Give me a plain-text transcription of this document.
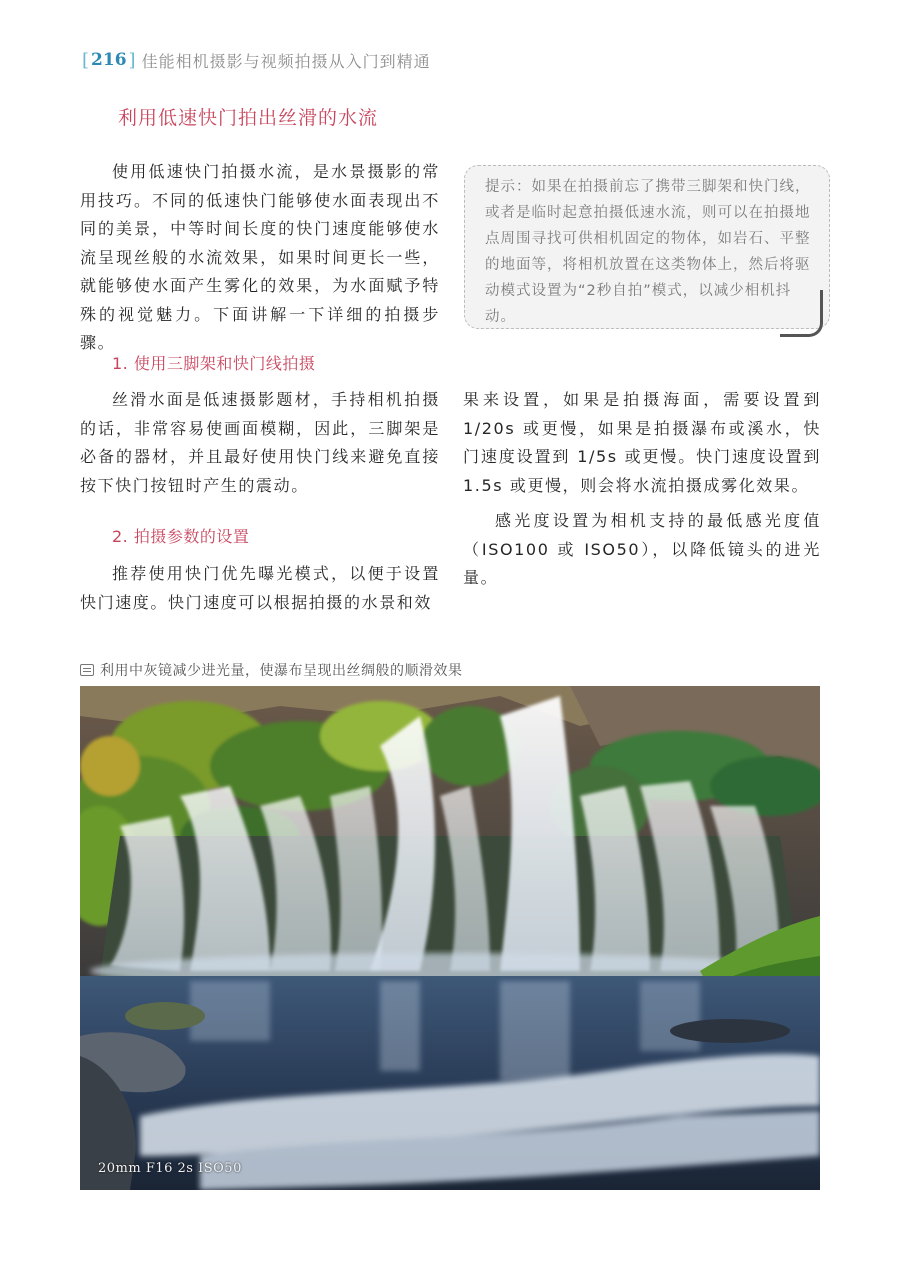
[ 216 ] 佳能相机摄影与视频拍摄从入门到精通
利用低速快门拍出丝滑的水流

使用低速快门拍摄水流，是水景摄影的常用技巧。不同的低速快门能够使水面表现出不同的美景，中等时间长度的快门速度能够使水流呈现丝般的水流效果，如果时间更长一些，就能够使水面产生雾化的效果，为水面赋予特殊的视觉魅力。下面讲解一下详细的拍摄步骤。

1. 使用三脚架和快门线拍摄

丝滑水面是低速摄影题材，手持相机拍摄的话，非常容易使画面模糊，因此，三脚架是必备的器材，并且最好使用快门线来避免直接按下快门按钮时产生的震动。

2. 拍摄参数的设置

推荐使用快门优先曝光模式，以便于设置快门速度。快门速度可以根据拍摄的水景和效

提示：如果在拍摄前忘了携带三脚架和快门线，或者是临时起意拍摄低速水流，则可以在拍摄地点周围寻找可供相机固定的物体，如岩石、平整的地面等，将相机放置在这类物体上，然后将驱动模式设置为“2秒自拍”模式，以减少相机抖动。

果来设置，如果是拍摄海面，需要设置到 1/20s 或更慢，如果是拍摄瀑布或溪水，快门速度设置到 1/5s 或更慢。快门速度设置到 1.5s 或更慢，则会将水流拍摄成雾化效果。

感光度设置为相机支持的最低感光度值（ISO100 或 ISO50），以降低镜头的进光量。

利用中灰镜减少进光量，使瀑布呈现出丝绸般的顺滑效果
20mm F16 2s ISO50
